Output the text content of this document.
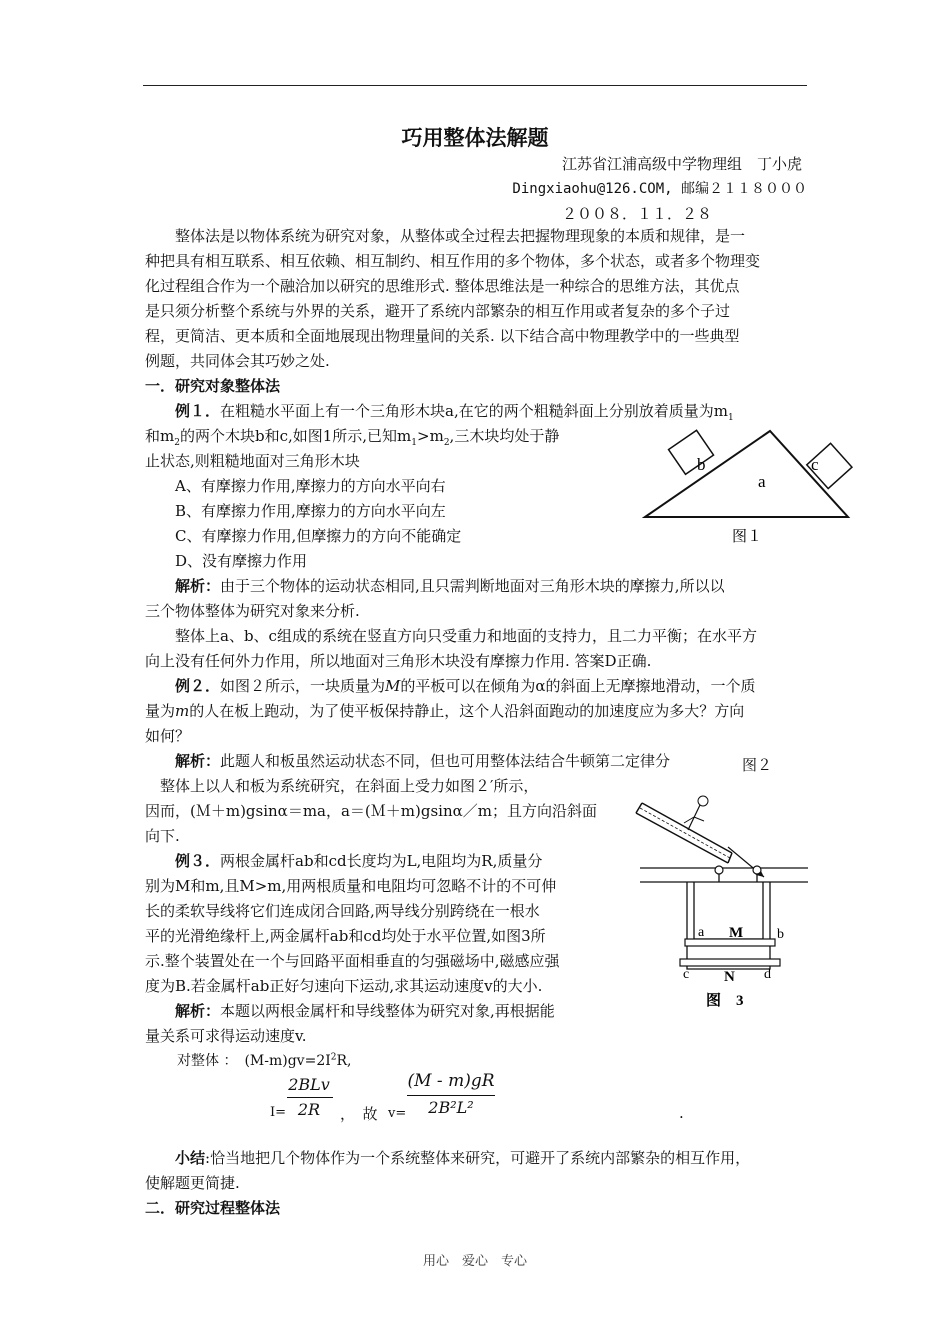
巧用整体法解题
江苏省江浦高级中学物理组　丁小虎
Dingxiaohu@126.COM, 邮编２１１８０００
２００８．１１．２８
　　整体法是以物体系统为研究对象，从整体或全过程去把握物理现象的本质和规律，是一
种把具有相互联系、相互依赖、相互制约、相互作用的多个物体，多个状态，或者多个物理变
化过程组合作为一个融洽加以研究的思维形式. 整体思维法是一种综合的思维方法，其优点
是只须分析整个系统与外界的关系，避开了系统内部繁杂的相互作用或者复杂的多个子过
程，更简洁、更本质和全面地展现出物理量间的关系. 以下结合高中物理教学中的一些典型
例题，共同体会其巧妙之处.
一．研究对象整体法
　　例１．在粗糙水平面上有一个三角形木块a,在它的两个粗糙斜面上分别放着质量为$m_1$
和$m_2$的两个木块b和c,如图1所示,已知$m_1>m_2$,三木块均处于静
止状态,则粗糙地面对三角形木块
A、有摩擦力作用,摩擦力的方向水平向右
B、有摩擦力作用,摩擦力的方向水平向左
C、有摩擦力作用,但摩擦力的方向不能确定
D、没有摩擦力作用
b	c
a
图１
　　解析：由于三个物体的运动状态相同,且只需判断地面对三角形木块的摩擦力,所以以
三个物体整体为研究对象来分析.
　　整体上a、b、c组成的系统在竖直方向只受重力和地面的支持力，且二力平衡；在水平方
向上没有任何外力作用，所以地面对三角形木块没有摩擦力作用. 答案D正确.
　　例２．如图２所示，一块质量为M的平板可以在倾角为α的斜面上无摩擦地滑动，一个质
量为m的人在板上跑动，为了使平板保持静止，这个人沿斜面跑动的加速度应为多大？方向
如何？
　　解析：此题人和板虽然运动状态不同，但也可用整体法结合牛顿第二定律分	图２
　整体上以人和板为系统研究，在斜面上受力如图２′所示，
因而，(Ｍ＋m)gsinα＝ma，a＝(Ｍ＋m)gsinα／m；且方向沿斜面
向下.
　　例３．两根金属杆ab和cd长度均为L,电阻均为R,质量分
别为M和m,且M>m,用两根质量和电阻均可忽略不计的不可伸
长的柔软导线将它们连成闭合回路,两导线分别跨绕在一根水
平的光滑绝缘杆上,两金属杆ab和cd均处于水平位置,如图3所
示.整个装置处在一个与回路平面相垂直的匀强磁场中,磁感应强
度为B.若金属杆ab正好匀速向下运动,求其运动速度v的大小.
　　解析：本题以两根金属杆和导线整体为研究对象,再根据能
量关系可求得运动速度v.
a M b
c N d
图　3
对整体 ：　 $(M-m)gv=2I^2R$,
I=
2BLv
2R	，　故 v=
(M - m)gR
2B²L²	.
　　小结:恰当地把几个物体作为一个系统整体来研究，可避开了系统内部繁杂的相互作用，
使解题更简捷.
二．研究过程整体法
用心　爱心　专心
